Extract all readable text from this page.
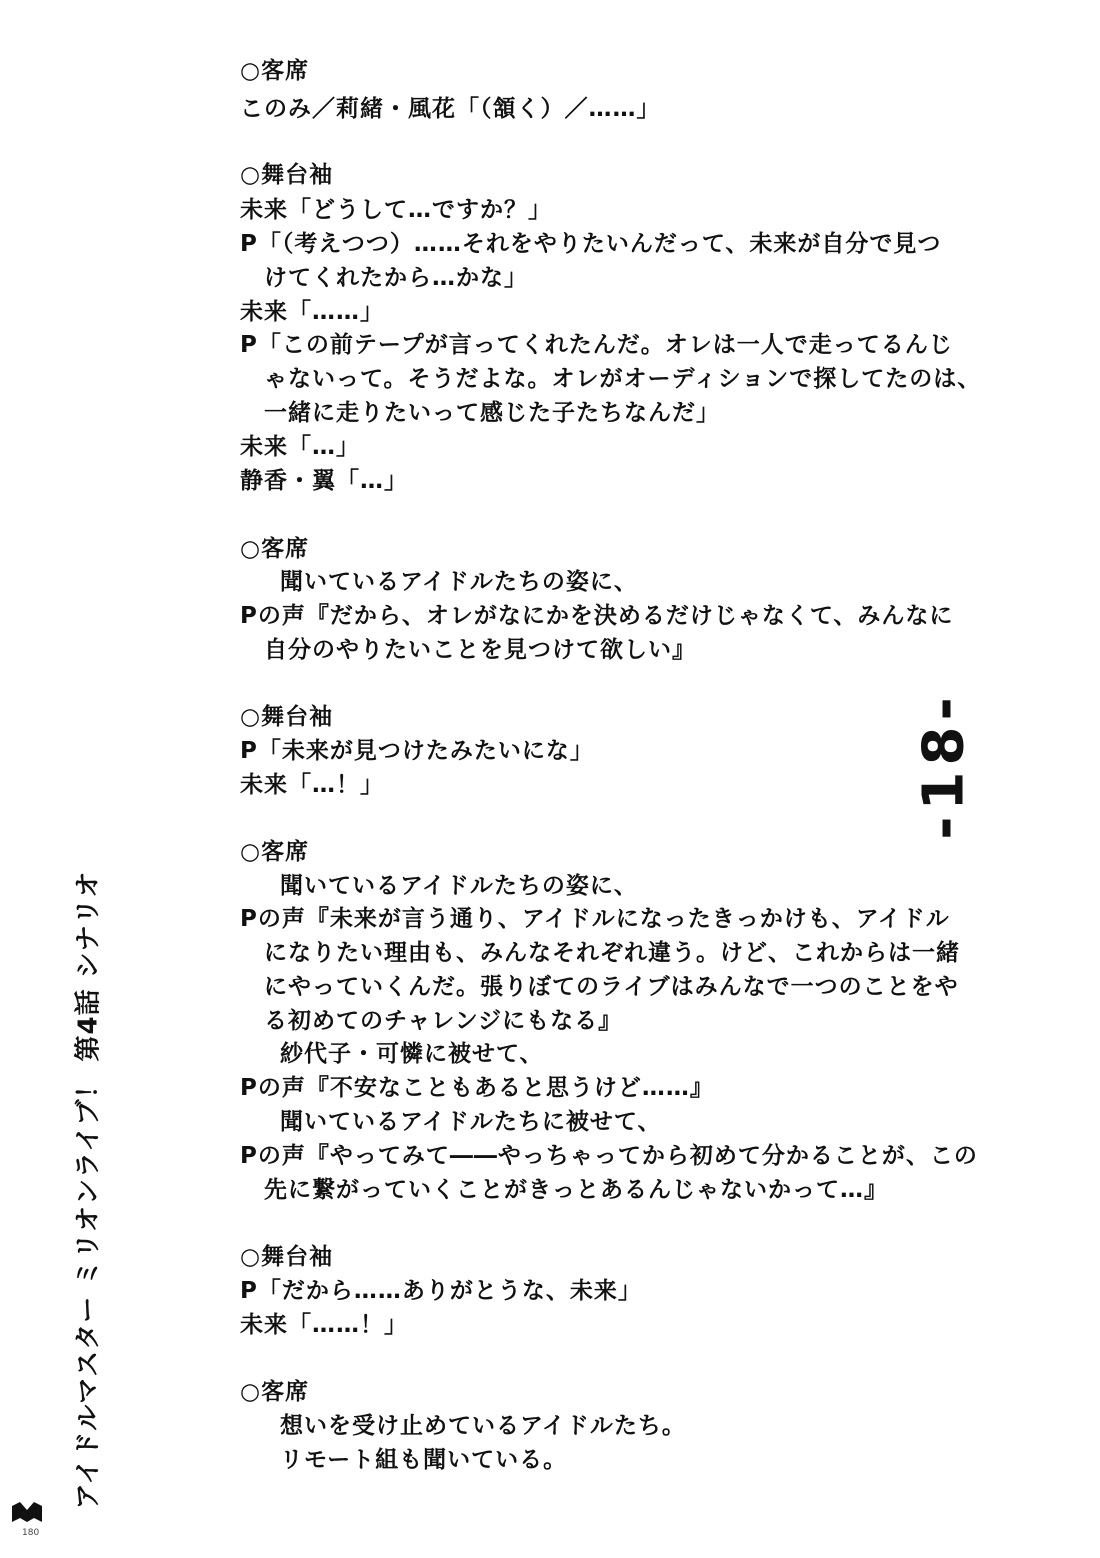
○客席
このみ／莉緒・風花「（頷く）／……」
○舞台袖
未来「どうして…ですか？」
P「（考えつつ）……それをやりたいんだって、未来が自分で見つ
けてくれたから…かな」
未来「……」
P「この前テープが言ってくれたんだ。オレは一人で走ってるんじ
ゃないって。そうだよな。オレがオーディションで探してたのは、
一緒に走りたいって感じた子たちなんだ」
未来「…」
静香・翼「…」
○客席
聞いているアイドルたちの姿に、
Pの声『だから、オレがなにかを決めるだけじゃなくて、みんなに
自分のやりたいことを見つけて欲しい』
○舞台袖
P「未来が見つけたみたいにな」
未来「…！」
○客席
聞いているアイドルたちの姿に、
Pの声『未来が言う通り、アイドルになったきっかけも、アイドル
になりたい理由も、みんなそれぞれ違う。けど、これからは一緒
にやっていくんだ。張りぼてのライブはみんなで一つのことをや
る初めてのチャレンジにもなる』
紗代子・可憐に被せて、
Pの声『不安なこともあると思うけど……』
聞いているアイドルたちに被せて、
Pの声『やってみて――やっちゃってから初めて分かることが、この
先に繋がっていくことがきっとあるんじゃないかって…』
○舞台袖
P「だから……ありがとうな、未来」
未来「……！」
○客席
想いを受け止めているアイドルたち。
リモート組も聞いている。
-18-
アイドルマスター ミリオンライブ！ 第4話 シナリオ
180
